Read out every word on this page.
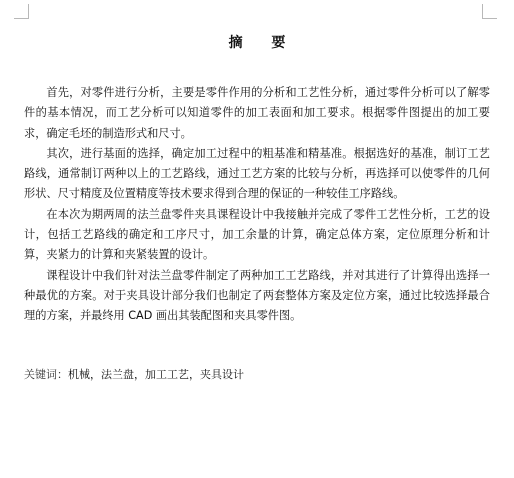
摘 要

首先，对零件进行分析，主要是零件作用的分析和工艺性分析，通过零件分析可以了解零件的基本情况，而工艺分析可以知道零件的加工表面和加工要求。根据零件图提出的加工要求，确定毛坯的制造形式和尺寸。

其次，进行基面的选择，确定加工过程中的粗基准和精基准。根据选好的基准，制订工艺路线，通常制订两种以上的工艺路线，通过工艺方案的比较与分析，再选择可以使零件的几何形状、尺寸精度及位置精度等技术要求得到合理的保证的一种较佳工序路线。

在本次为期两周的法兰盘零件夹具课程设计中我接触并完成了零件工艺性分析，工艺的设计，包括工艺路线的确定和工序尺寸，加工余量的计算，确定总体方案，定位原理分析和计算，夹紧力的计算和夹紧装置的设计。

课程设计中我们针对法兰盘零件制定了两种加工工艺路线，并对其进行了计算得出选择一种最优的方案。对于夹具设计部分我们也制定了两套整体方案及定位方案，通过比较选择最合理的方案，并最终用 CAD 画出其装配图和夹具零件图。

关键词：机械，法兰盘，加工工艺，夹具设计
